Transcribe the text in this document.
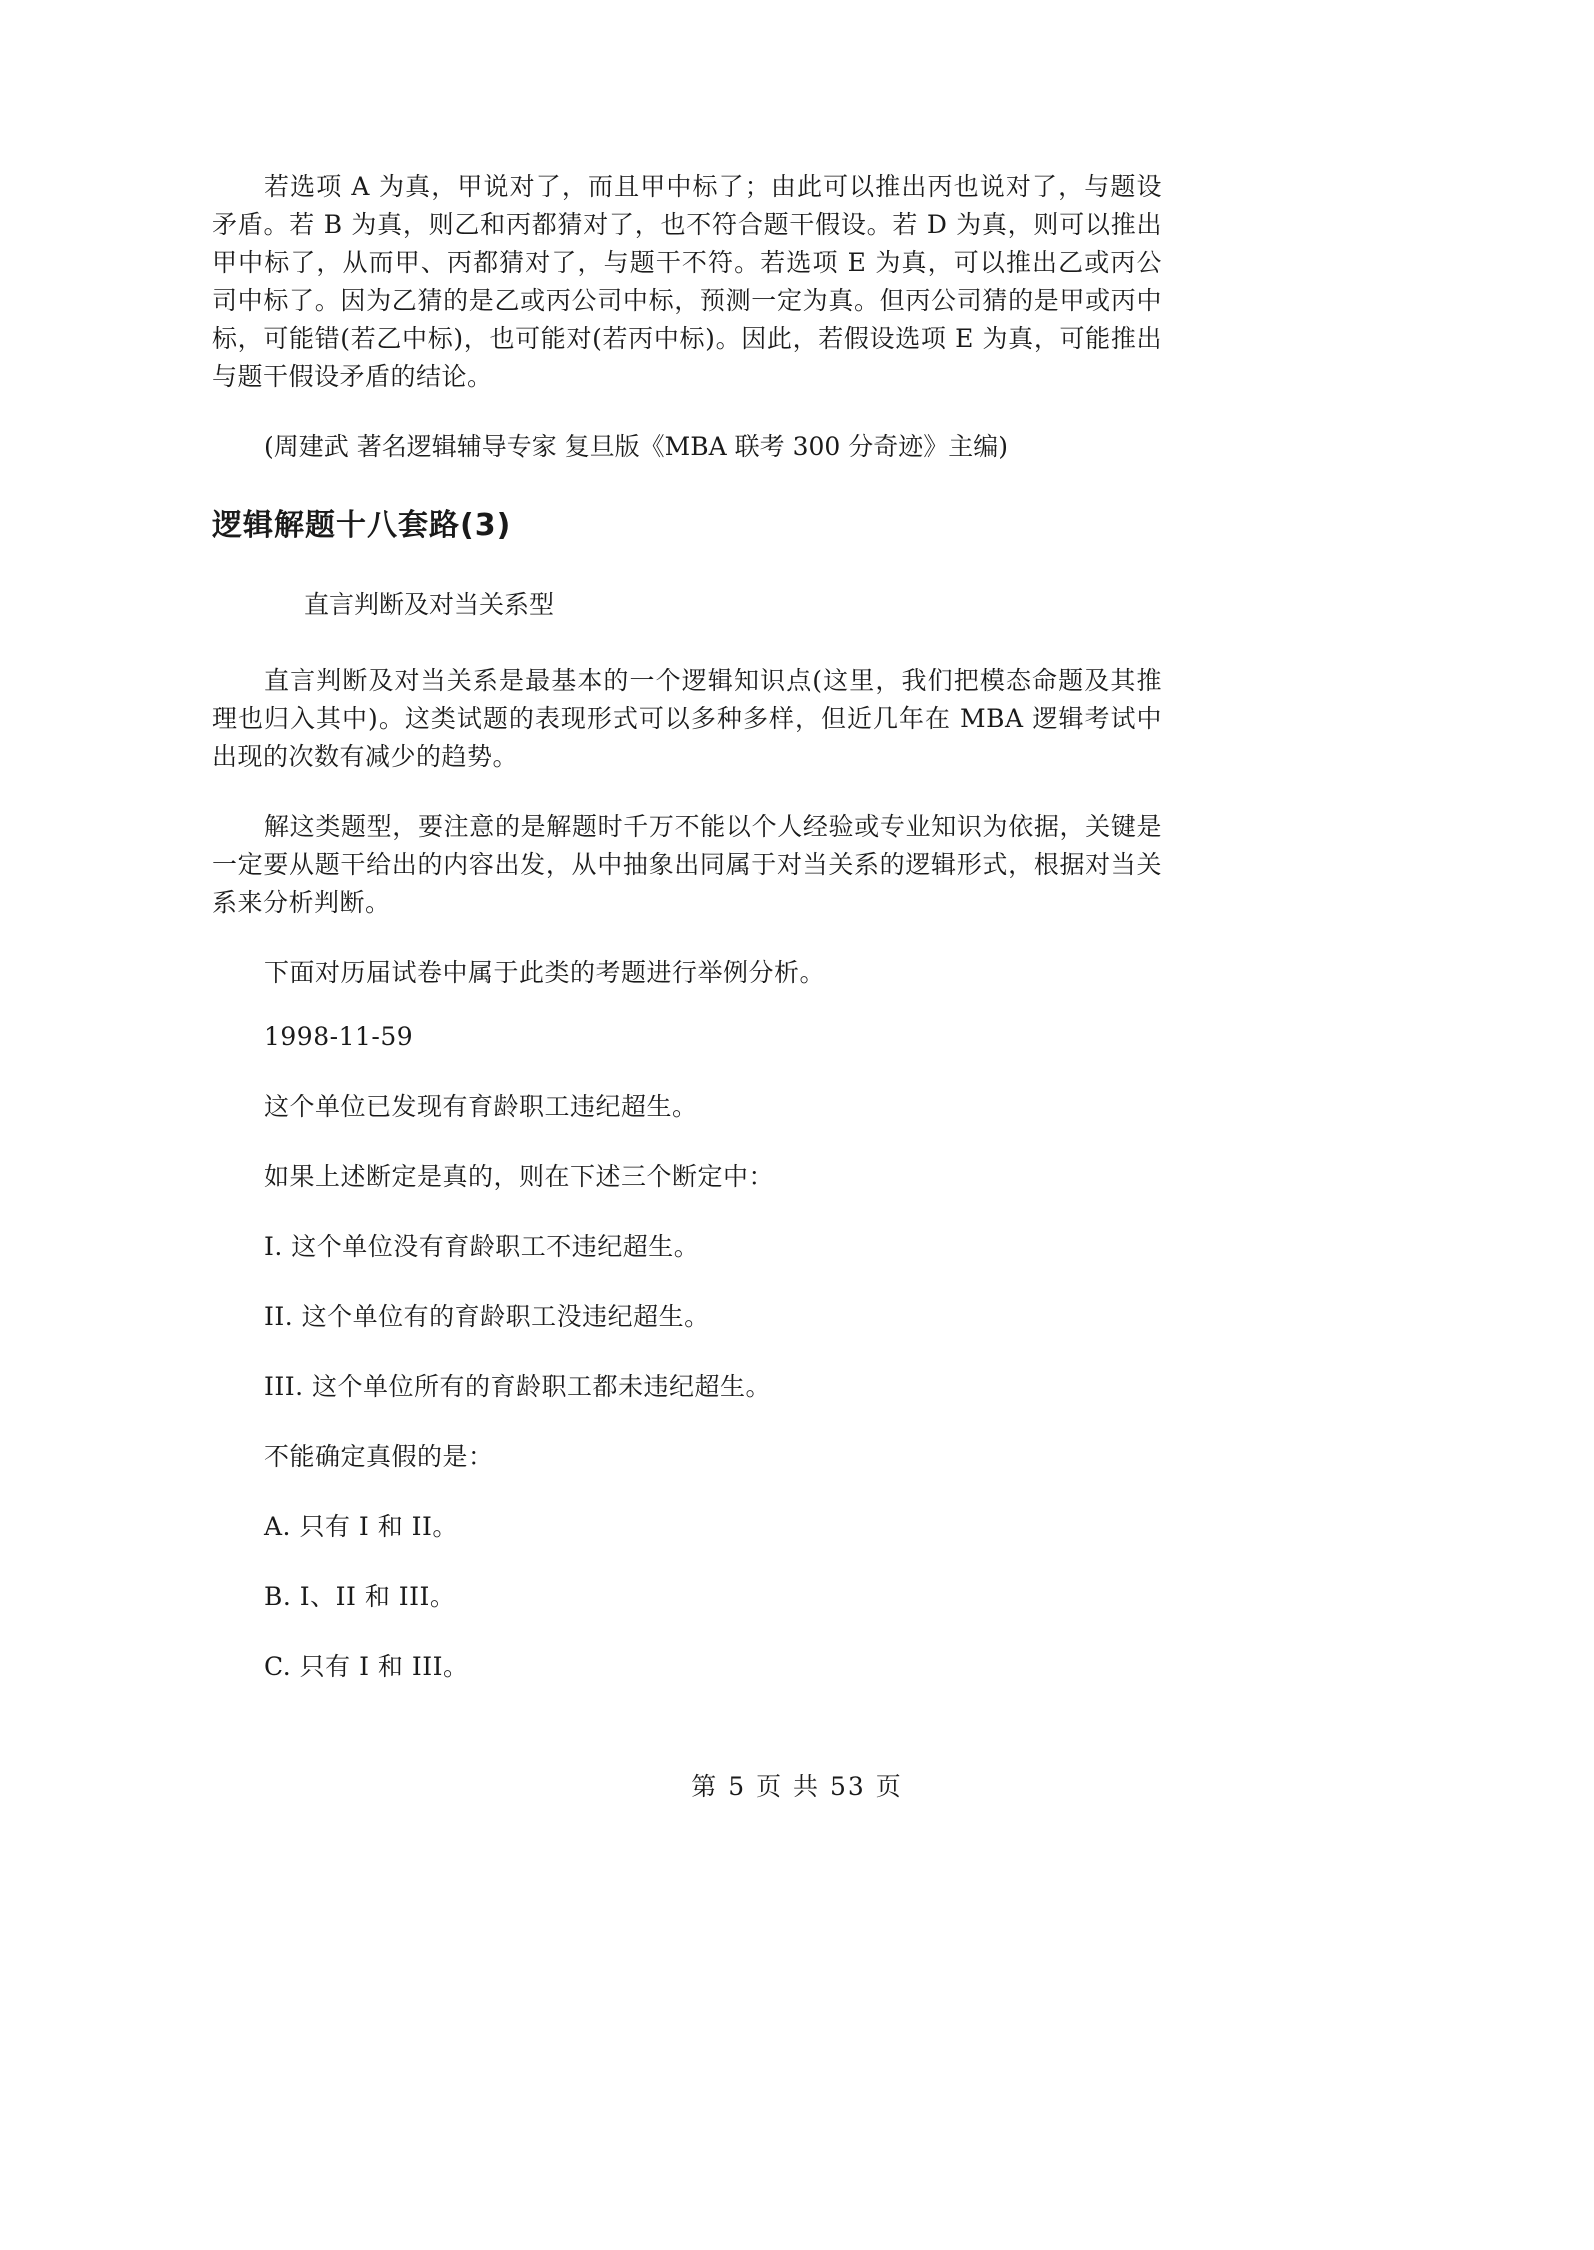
若选项 A 为真，甲说对了，而且甲中标了；由此可以推出丙也说对了，与题设矛盾。若 B 为真，则乙和丙都猜对了，也不符合题干假设。若 D 为真，则可以推出甲中标了，从而甲、丙都猜对了，与题干不符。若选项 E 为真，可以推出乙或丙公司中标了。因为乙猜的是乙或丙公司中标，预测一定为真。但丙公司猜的是甲或丙中标，可能错(若乙中标)，也可能对(若丙中标)。因此，若假设选项 E 为真，可能推出与题干假设矛盾的结论。

(周建武 著名逻辑辅导专家 复旦版《MBA 联考 300 分奇迹》主编)

逻辑解题十八套路(3)

直言判断及对当关系型

直言判断及对当关系是最基本的一个逻辑知识点(这里，我们把模态命题及其推理也归入其中)。这类试题的表现形式可以多种多样，但近几年在 MBA 逻辑考试中出现的次数有减少的趋势。

解这类题型，要注意的是解题时千万不能以个人经验或专业知识为依据，关键是一定要从题干给出的内容出发，从中抽象出同属于对当关系的逻辑形式，根据对当关系来分析判断。

下面对历届试卷中属于此类的考题进行举例分析。

1998-11-59

这个单位已发现有育龄职工违纪超生。

如果上述断定是真的，则在下述三个断定中：

I. 这个单位没有育龄职工不违纪超生。

II. 这个单位有的育龄职工没违纪超生。

III. 这个单位所有的育龄职工都未违纪超生。

不能确定真假的是：

A. 只有 I 和 II。

B. I、II 和 III。

C. 只有 I 和 III。

第 5 页 共 53 页
